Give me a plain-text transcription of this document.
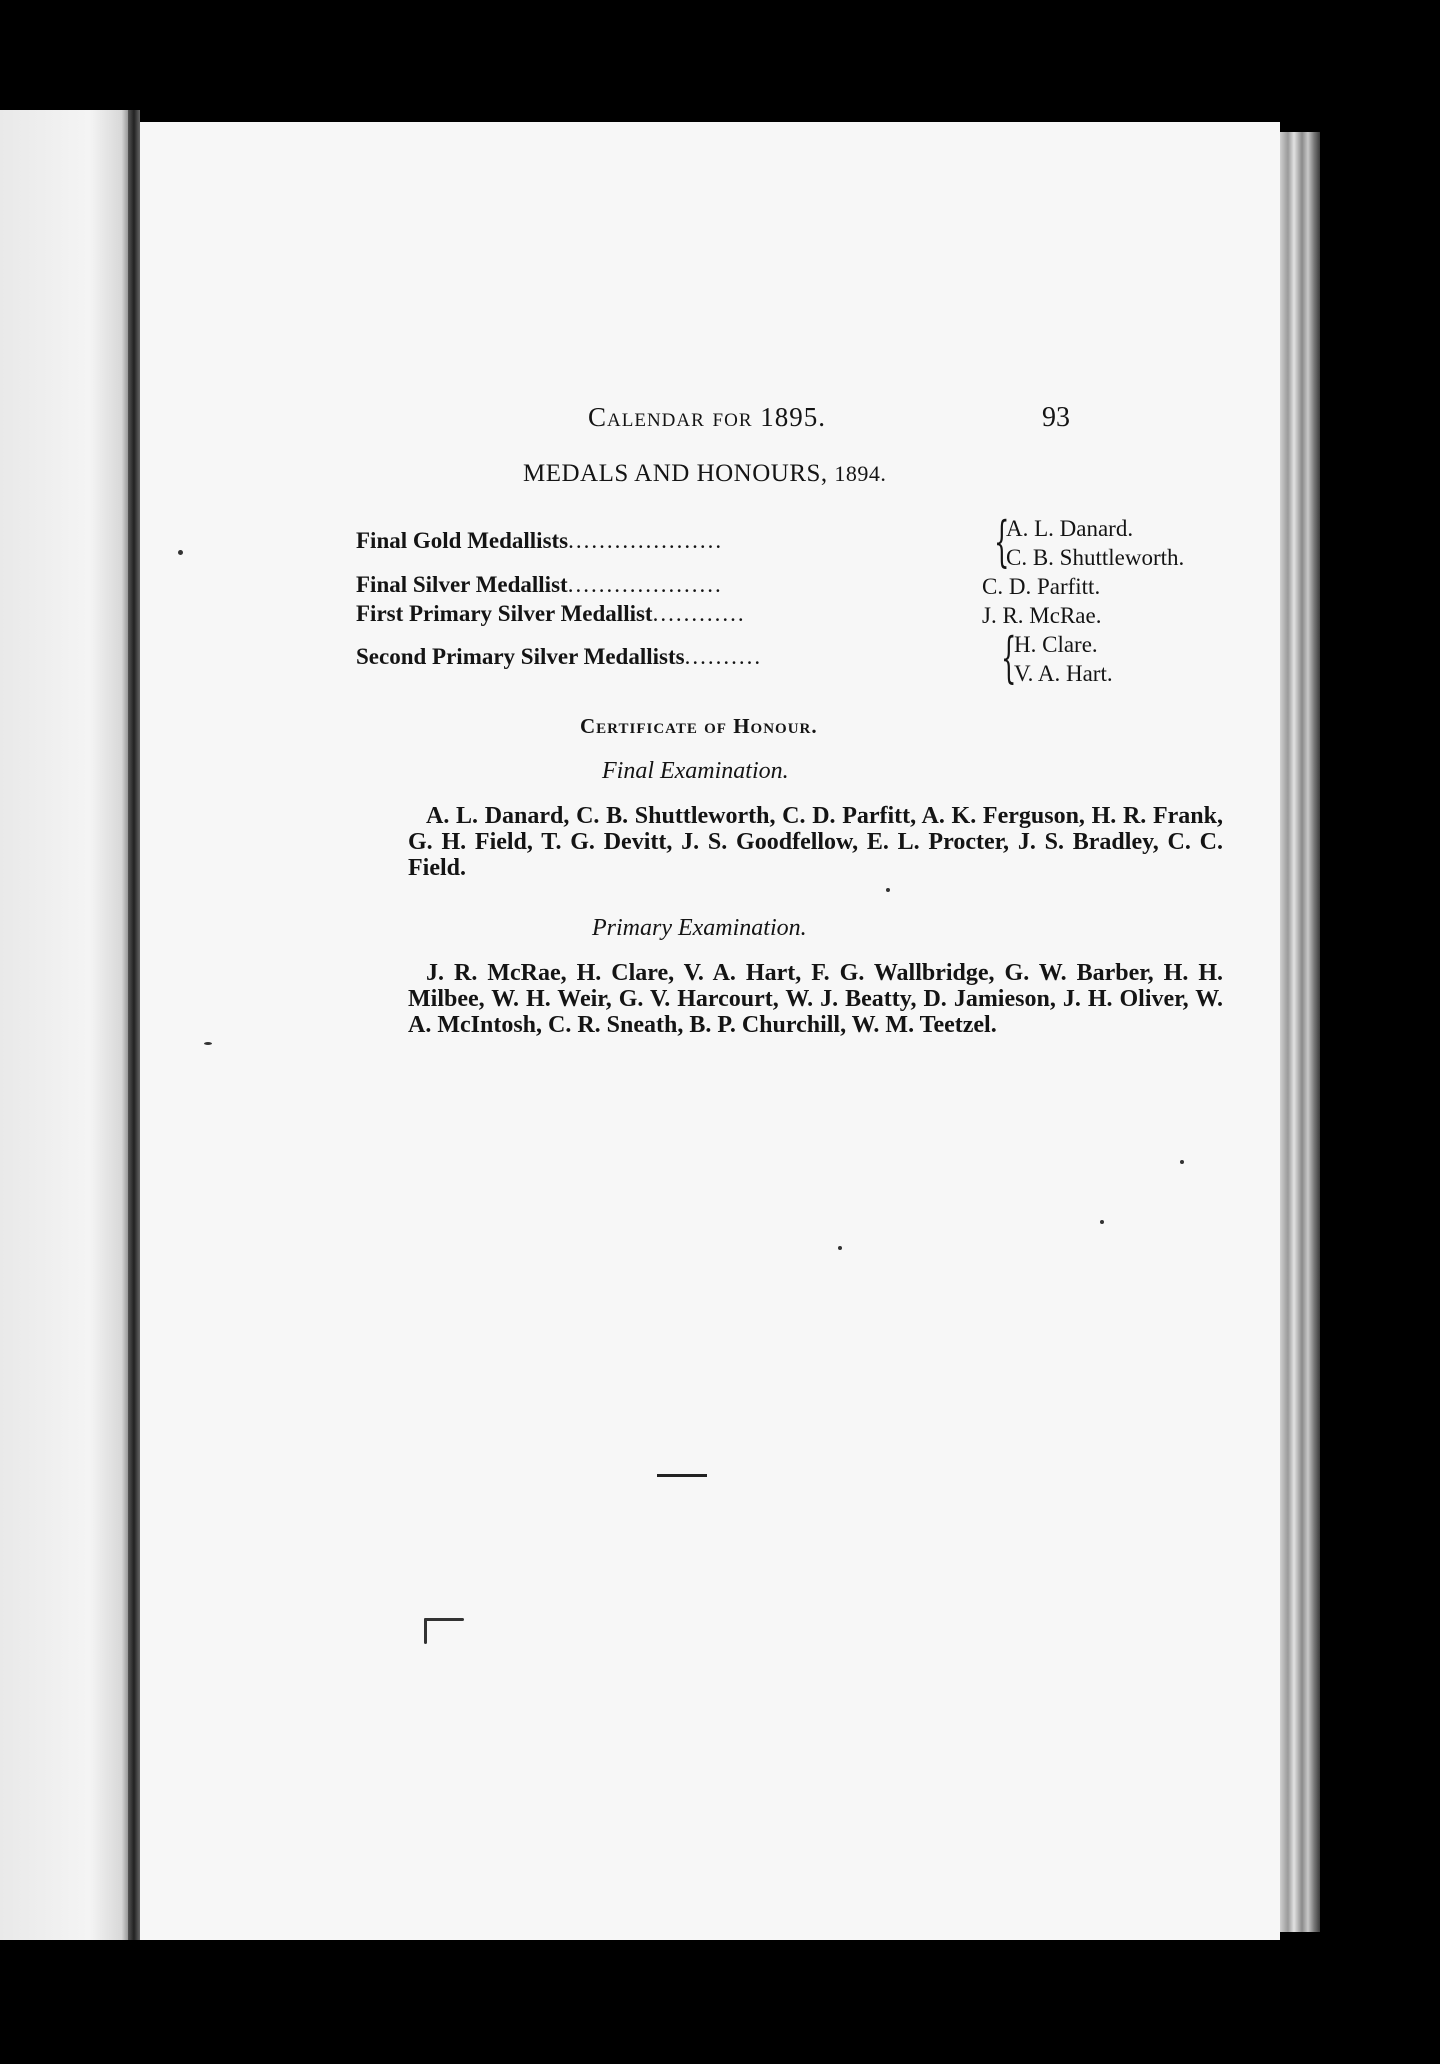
Calendar for 1895.	93
MEDALS AND HONOURS, 1894.
Final Gold Medallists....................	{
A. L. Danard.
C. B. Shuttleworth.
Final Silver Medallist....................	C. D. Parfitt.
First Primary Silver Medallist............	J. R. McRae.
Second Primary Silver Medallists..........	{
H. Clare.
V. A. Hart.
Certificate of Honour.
Final Examination.

A. L. Danard, C. B. Shuttleworth, C. D. Parfitt, A. K. Ferguson, H. R. Frank, G. H. Field, T. G. Devitt, J. S. Goodfellow, E. L. Procter, J. S. Bradley, C. C. Field.

Primary Examination.

J. R. McRae, H. Clare, V. A. Hart, F. G. Wallbridge, G. W. Barber, H. H. Milbee, W. H. Weir, G. V. Harcourt, W. J. Beatty, D. Jamieson, J. H. Oliver, W. A. McIntosh, C. R. Sneath, B. P. Churchill, W. M. Teetzel.
